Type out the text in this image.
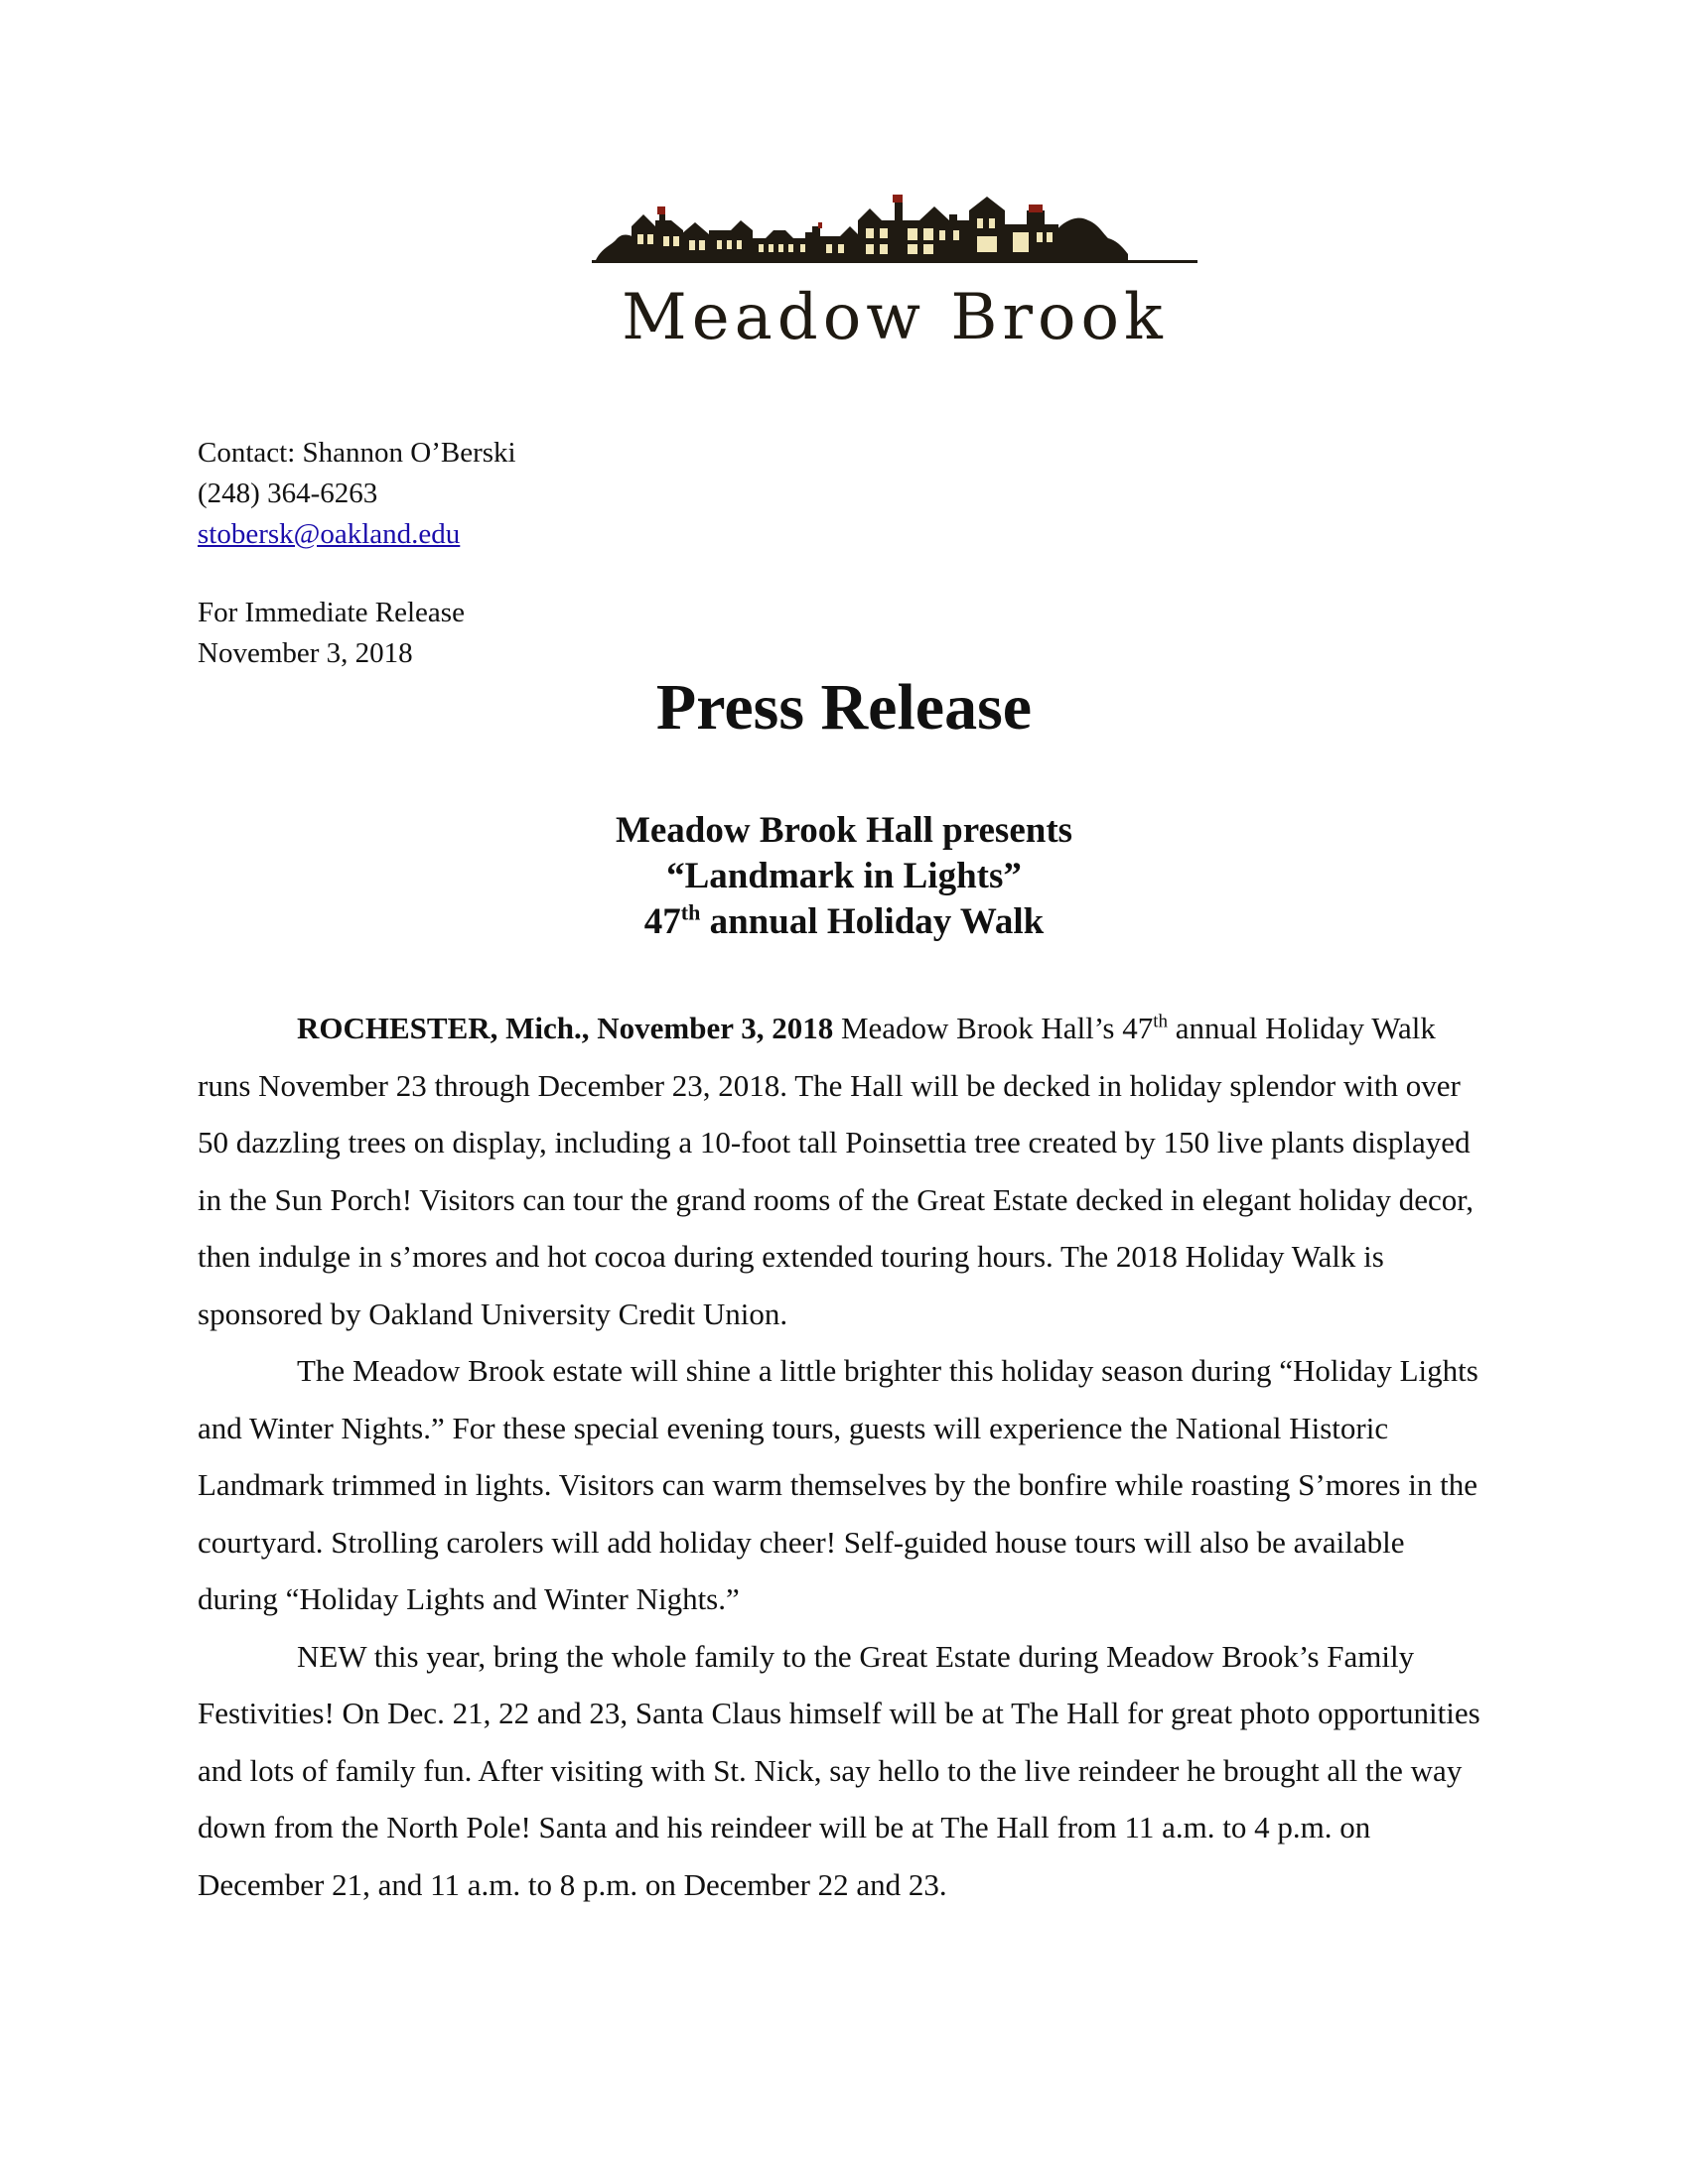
Meadow Brook
Contact: Shannon O’Berski
(248) 364-6263
stobersk@oakland.edu
For Immediate Release
November 3, 2018
Press Release
Meadow Brook Hall presents
“Landmark in Lights”
47th annual Holiday Walk

ROCHESTER, Mich., November 3, 2018 Meadow Brook Hall’s 47th annual Holiday Walk runs November 23 through December 23, 2018. The Hall will be decked in holiday splendor with over 50 dazzling trees on display, including a 10-foot tall Poinsettia tree created by 150 live plants displayed in the Sun Porch! Visitors can tour the grand rooms of the Great Estate decked in elegant holiday decor, then indulge in s’mores and hot cocoa during extended touring hours. The 2018 Holiday Walk is sponsored by Oakland University Credit Union.

The Meadow Brook estate will shine a little brighter this holiday season during “Holiday Lights and Winter Nights.” For these special evening tours, guests will experience the National Historic Landmark trimmed in lights. Visitors can warm themselves by the bonfire while roasting S’mores in the courtyard. Strolling carolers will add holiday cheer! Self-guided house tours will also be available during “Holiday Lights and Winter Nights.”

NEW this year, bring the whole family to the Great Estate during Meadow Brook’s Family Festivities! On Dec. 21, 22 and 23, Santa Claus himself will be at The Hall for great photo opportunities and lots of family fun. After visiting with St. Nick, say hello to the live reindeer he brought all the way down from the North Pole! Santa and his reindeer will be at The Hall from 11 a.m. to 4 p.m. on December 21, and 11 a.m. to 8 p.m. on December 22 and 23.
